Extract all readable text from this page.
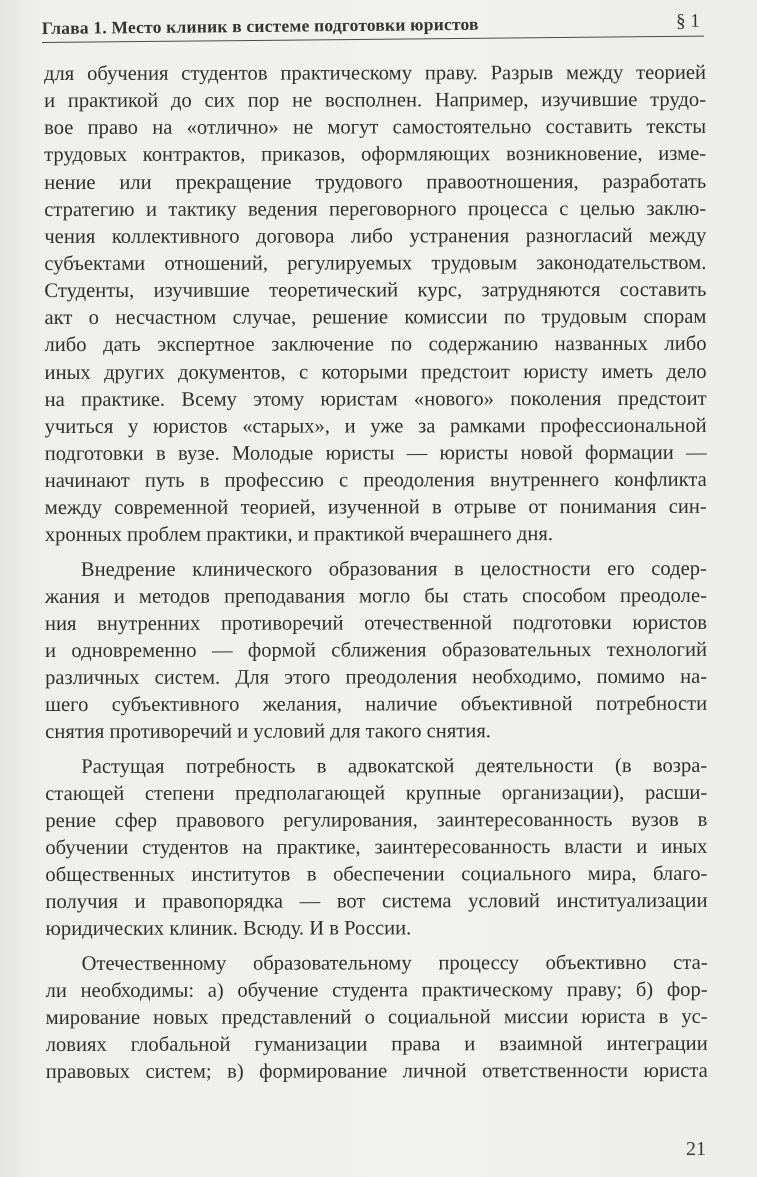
Глава 1. Место клиник в системе подготовки юристов	§ 1
для обучения студентов практическому праву. Разрыв между теорией
и практикой до сих пор не восполнен. Например, изучившие трудо-
вое право на «отлично» не могут самостоятельно составить тексты
трудовых контрактов, приказов, оформляющих возникновение, изме-
нение или прекращение трудового правоотношения, разработать
стратегию и тактику ведения переговорного процесса с целью заклю-
чения коллективного договора либо устранения разногласий между
субъектами отношений, регулируемых трудовым законодательством.
Студенты, изучившие теоретический курс, затрудняются составить
акт о несчастном случае, решение комиссии по трудовым спорам
либо дать экспертное заключение по содержанию названных либо
иных других документов, с которыми предстоит юристу иметь дело
на практике. Всему этому юристам «нового» поколения предстоит
учиться у юристов «старых», и уже за рамками профессиональной
подготовки в вузе. Молодые юристы — юристы новой формации —
начинают путь в профессию с преодоления внутреннего конфликта
между современной теорией, изученной в отрыве от понимания син-
хронных проблем практики, и практикой вчерашнего дня.
Внедрение клинического образования в целостности его содер-
жания и методов преподавания могло бы стать способом преодоле-
ния внутренних противоречий отечественной подготовки юристов
и одновременно — формой сближения образовательных технологий
различных систем. Для этого преодоления необходимо, помимо на-
шего субъективного желания, наличие объективной потребности
снятия противоречий и условий для такого снятия.
Растущая потребность в адвокатской деятельности (в возра-
стающей степени предполагающей крупные организации), расши-
рение сфер правового регулирования, заинтересованность вузов в
обучении студентов на практике, заинтересованность власти и иных
общественных институтов в обеспечении социального мира, благо-
получия и правопорядка — вот система условий институализации
юридических клиник. Всюду. И в России.
Отечественному образовательному процессу объективно ста-
ли необходимы: а) обучение студента практическому праву; б) фор-
мирование новых представлений о социальной миссии юриста в ус-
ловиях глобальной гуманизации права и взаимной интеграции
правовых систем; в) формирование личной ответственности юриста
21
